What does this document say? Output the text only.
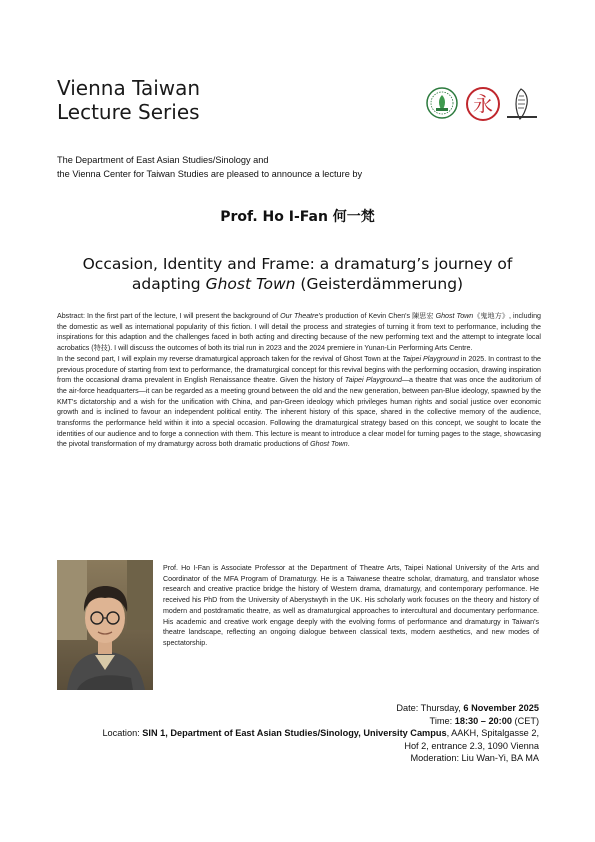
Vienna Taiwan
Lecture Series	永
The Department of East Asian Studies/Sinology and
the Vienna Center for Taiwan Studies are pleased to announce a lecture by
Prof. Ho I-Fan 何一梵
Occasion, Identity and Frame: a dramaturg’s journey of
adapting Ghost Town (Geisterdämmerung)

Abstract: In the first part of the lecture, I will present the background of Our Theatre's production of Kevin Chen's 陳思宏 Ghost Town《鬼地方》, including the domestic as well as international popularity of this fiction. I will detail the process and strategies of turning it from text to performance, including the inspirations for this adaption and the challenges faced in both acting and directing because of the new performing text and the attempt to integrate local acrobatics (特技). I will discuss the outcomes of both its trial run in 2023 and the 2024 premiere in Yunan-Lin Performing Arts Centre.

In the second part, I will explain my reverse dramaturgical approach taken for the revival of Ghost Town at the Taipei Playground in 2025. In contrast to the previous procedure of starting from text to performance, the dramaturgical concept for this revival begins with the performing occasion, drawing inspiration from the occasional drama prevalent in English Renaissance theatre. Given the history of Taipei Playground—a theatre that was once the auditorium of the air-force headquarters—it can be regarded as a meeting ground between the old and the new generation, between pan-Blue ideology, spawned by the KMT's dictatorship and a wish for the unification with China, and pan-Green ideology which privileges human rights and social justice over economic growth and is inclined to favour an independent political entity. The inherent history of this space, shared in the collective memory of the audience, transforms the performance held within it into a special occasion. Following the dramaturgical strategy based on this concept, we sought to locate the identities of our audience and to forge a connection with them. This lecture is meant to introduce a clear model for turning pages to the stage, showcasing the pivotal transformation of my dramaturgy across both dramatic productions of Ghost Town.

Prof. Ho I-Fan is Associate Professor at the Department of Theatre Arts, Taipei National University of the Arts and Coordinator of the MFA Program of Dramaturgy. He is a Taiwanese theatre scholar, dramaturg, and translator whose research and creative practice bridge the history of Western drama, dramaturgy, and contemporary performance. He received his PhD from the University of Aberystwyth in the UK. His scholarly work focuses on the theory and history of modern and postdramatic theatre, as well as dramaturgical approaches to intercultural and documentary performance. His academic and creative work engage deeply with the evolving forms of performance and dramaturgy in Taiwan's theatre landscape, reflecting an ongoing dialogue between classical texts, modern aesthetics, and new modes of spectatorship.
Date: Thursday, 6 November 2025
Time: 18:30 – 20:00 (CET)
Location: SIN 1, Department of East Asian Studies/Sinology, University Campus, AAKH, Spitalgasse 2,
Hof 2, entrance 2.3, 1090 Vienna
Moderation: Liu Wan-Yi, BA MA
